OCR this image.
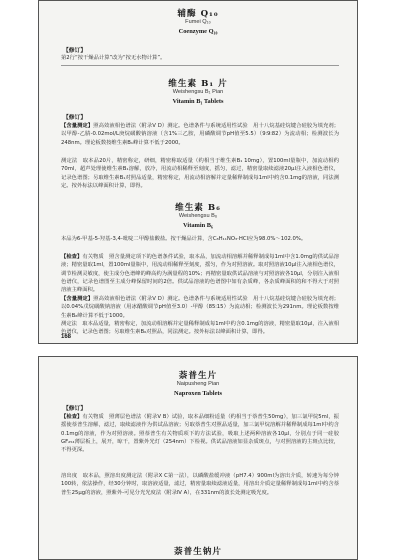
辅酶 Q₁₀
Fumei Q₁₀
Coenzyme Q₁₀
【修订】
第2行“按干燥品计算”改为“按无水物计算”。
维生素 B₁ 片
Weishengsu B₁ Pian
Vitamin B₁ Tablets
【修订】

【含量测定】照高效液相色谱法（附录Ⅴ D）测定。色谱条件与系统适用性试验　用十八烷基硅烷键合硅胶为填充剂；以甲醇-乙腈-0.02mol/L庚烷磺酸钠溶液（含1%三乙胺，用磷酸调节pH值至5.5）（9∶9∶82）为流动相；检测波长为248nm。理论板数按维生素B₁峰计算不低于2000。

测定法　取本品20片，精密称定，研细，精密称取适量（约相当于维生素B₁ 10mg），置100ml量瓶中，加流动相约70ml，超声处理使维生素B₁溶解，放冷，用流动相稀释至刻度，摇匀，滤过，精密量取续滤液20μl注入液相色谱仪，记录色谱图；另取维生素B₁对照品适量，精密称定，用流动相溶解并定量稀释制成每1ml中约含0.1mg的溶液，同法测定。按外标法以峰面积计算，即得。

维生素 B₆
Weishengsu B₆
Vitamin B₆

本品为6-甲基-5-羟基-3,4-吡啶二甲醇盐酸盐。按干燥品计算，含C₈H₁₁NO₃·HCl应为98.0%～102.0%。

【检查】有关物质　照含量测定项下的色谱条件试验，取本品，加流动相溶解并稀释制成每1ml中含1.0mg的供试品溶液；精密量取1ml，置100ml量瓶中，用流动相稀释至刻度，摇匀，作为对照溶液。取对照溶液10μl注入液相色谱仪，调节检测灵敏度，使主成分色谱峰的峰高约为满量程的10%；再精密量取供试品溶液与对照溶液各10μl，分别注入液相色谱仪，记录色谱图至主成分峰保留时间的2倍。供试品溶液的色谱图中如有杂质峰，各杂质峰面积的和不得大于对照溶液主峰面积。

【含量测定】照高效液相色谱法（附录Ⅴ D）测定。色谱条件与系统适用性试验　用十八烷基硅烷键合硅胶为填充剂；以0.04%戊烷磺酸钠溶液（用冰醋酸调节pH值至3.0）-甲醇（85∶15）为流动相；检测波长为291nm。理论板数按维生素B₆峰计算不低于1000。

测定法　取本品适量，精密称定，加流动相溶解并定量稀释制成每1ml中约含0.1mg的溶液，精密量取10μl，注入液相色谱仪，记录色谱图；另取维生素B₆对照品，同法测定。按外标法以峰面积计算，即得。

168
萘普生片
Naipusheng Pian
Naproxen Tablets
【修订】

【检查】有关物质　照薄层色谱法（附录Ⅴ B）试验，取本品细粉适量（约相当于萘普生50mg），加三氯甲烷5ml，振摇使萘普生溶解，滤过，取续滤液作为供试品溶液；另取萘普生对照品适量，加三氯甲烷溶解并稀释制成每1ml中约含0.1mg的溶液，作为对照溶液。照萘普生有关物质项下的方法试验，吸取上述两种溶液各10μl，分别点于同一硅胶GF₂₅₄薄层板上，展开，晾干，置紫外光灯（254nm）下检视。供试品溶液如显杂质斑点，与对照溶液的主斑点比较，不得更深。

溶出度　取本品，照溶出度测定法（附录Ⅹ C第一法），以磷酸盐缓冲液（pH7.4）900ml为溶出介质，转速为每分钟100转，依法操作，经30分钟时，取溶液适量，滤过，精密量取续滤液适量，用溶出介质定量稀释制成每1ml中约含萘普生25μg的溶液，照紫外-可见分光光度法（附录Ⅳ A），在331nm的波长处测定吸光度。

萘普生钠片
